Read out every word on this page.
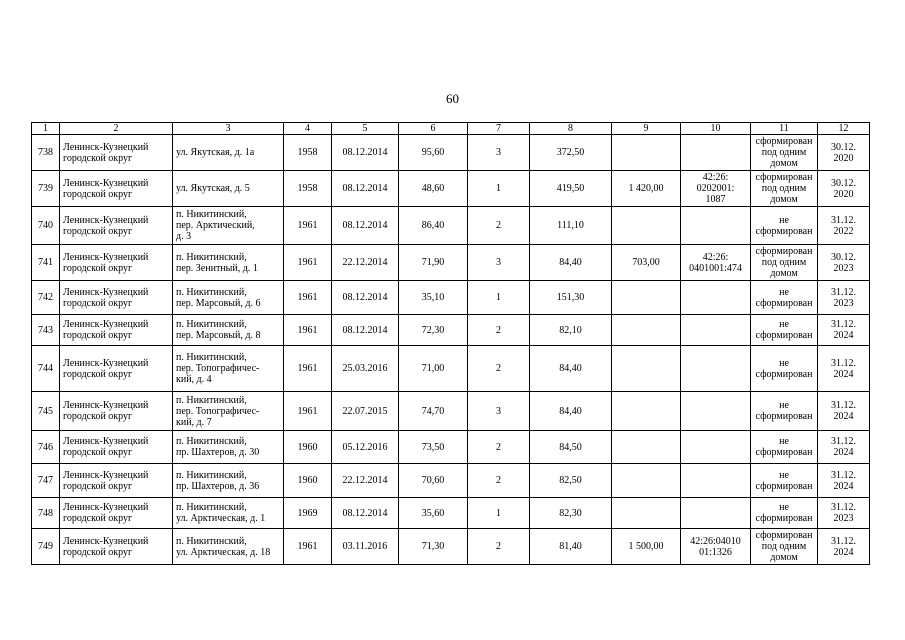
60
1	2	3	4	5	6	7	8	9	10	11	12
738	Ленинск-Кузнецкий
городской округ	ул. Якутская, д. 1а	1958	08.12.2014	95,60	3	372,50			сформирован
под одним
домом	30.12.
2020
739	Ленинск-Кузнецкий
городской округ	ул. Якутская, д. 5	1958	08.12.2014	48,60	1	419,50	1 420,00	42:26:
0202001:
1087	сформирован
под одним
домом	30.12.
2020
740	Ленинск-Кузнецкий
городской округ	п. Никитинский,
пер. Арктический,
д. 3	1961	08.12.2014	86,40	2	111,10			не
сформирован	31.12.
2022
741	Ленинск-Кузнецкий
городской округ	п. Никитинский,
пер. Зенитный, д. 1	1961	22.12.2014	71,90	3	84,40	703,00	42:26:
0401001:474	сформирован
под одним
домом	30.12.
2023
742	Ленинск-Кузнецкий
городской округ	п. Никитинский,
пер. Марсовый, д. 6	1961	08.12.2014	35,10	1	151,30			не
сформирован	31.12.
2023
743	Ленинск-Кузнецкий
городской округ	п. Никитинский,
пер. Марсовый, д. 8	1961	08.12.2014	72,30	2	82,10			не
сформирован	31.12.
2024
744	Ленинск-Кузнецкий
городской округ	п. Никитинский,
пер. Топографичес-
кий, д. 4	1961	25.03.2016	71,00	2	84,40			не
сформирован	31.12.
2024
745	Ленинск-Кузнецкий
городской округ	п. Никитинский,
пер. Топографичес-
кий, д. 7	1961	22.07.2015	74,70	3	84,40			не
сформирован	31.12.
2024
746	Ленинск-Кузнецкий
городской округ	п. Никитинский,
пр. Шахтеров, д. 30	1960	05.12.2016	73,50	2	84,50			не
сформирован	31.12.
2024
747	Ленинск-Кузнецкий
городской округ	п. Никитинский,
пр. Шахтеров, д. 36	1960	22.12.2014	70,60	2	82,50			не
сформирован	31.12.
2024
748	Ленинск-Кузнецкий
городской округ	п. Никитинский,
ул. Арктическая, д. 1	1969	08.12.2014	35,60	1	82,30			не
сформирован	31.12.
2023
749	Ленинск-Кузнецкий
городской округ	п. Никитинский,
ул. Арктическая, д. 18	1961	03.11.2016	71,30	2	81,40	1 500,00	42:26:04010
01:1326	сформирован
под одним
домом	31.12.
2024
